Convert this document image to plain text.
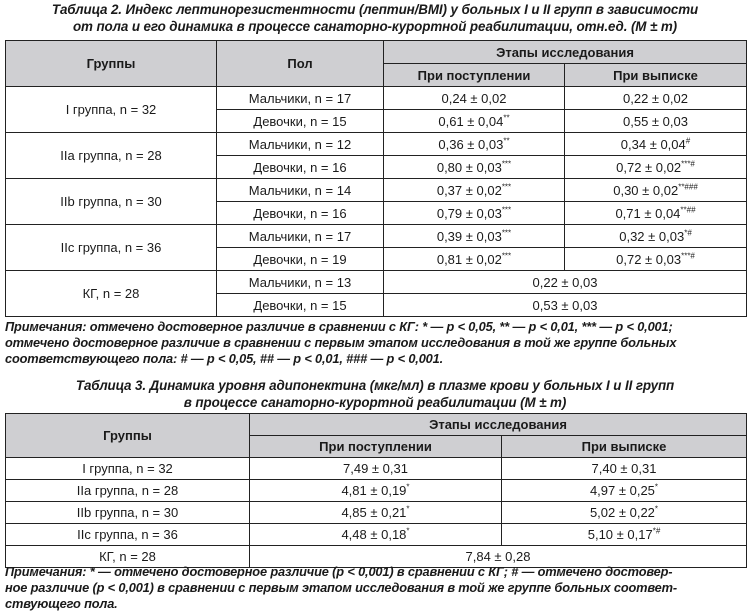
Таблица 2. Индекс лептинорезистентности (лептин/BMI) у больных I и II групп в зависимости
от пола и его динамика в процессе санаторно-курортной реабилитации, отн.ед. (M ± m)
Группы	Пол	Этапы исследования	
		При поступлении	При выписке
I группа, n = 32	Мальчики, n = 17	0,24 ± 0,02	0,22 ± 0,02
	Девочки, n = 15	0,61 ± 0,04**	0,55 ± 0,03
IIa группа, n = 28	Мальчики, n = 12	0,36 ± 0,03**	0,34 ± 0,04#
	Девочки, n = 16	0,80 ± 0,03***	0,72 ± 0,02***#
IIb группа, n = 30	Мальчики, n = 14	0,37 ± 0,02***	0,30 ± 0,02**###
	Девочки, n = 16	0,79 ± 0,03***	0,71 ± 0,04**##
IIc группа, n = 36	Мальчики, n = 17	0,39 ± 0,03***	0,32 ± 0,03*#
	Девочки, n = 19	0,81 ± 0,02***	0,72 ± 0,03***#
КГ, n = 28	Мальчики, n = 13	0,22 ± 0,03	
	Девочки, n = 15	0,53 ± 0,03	
Примечания: отмечено достоверное различие в сравнении с КГ: * — p < 0,05, ** — p < 0,01, *** — p < 0,001;
отмечено достоверное различие в сравнении с первым этапом исследования в той же группе больных
соответствующего пола: # — p < 0,05, ## — p < 0,01, ### — p < 0,001.
Таблица 3. Динамика уровня адипонектина (мкг/мл) в плазме крови у больных I и II групп
в процессе санаторно-курортной реабилитации (M ± m)
Группы	Этапы исследования	
	При поступлении	При выписке
I группа, n = 32	7,49 ± 0,31	7,40 ± 0,31
IIa группа, n = 28	4,81 ± 0,19*	4,97 ± 0,25*
IIb группа, n = 30	4,85 ± 0,21*	5,02 ± 0,22*
IIc группа, n = 36	4,48 ± 0,18*	5,10 ± 0,17*#
КГ, n = 28	7,84 ± 0,28	
Примечания: * — отмечено достоверное различие (p < 0,001) в сравнении с КГ; # — отмечено достовер-
ное различие (p < 0,001) в сравнении с первым этапом исследования в той же группе больных соответ-
ствующего пола.
